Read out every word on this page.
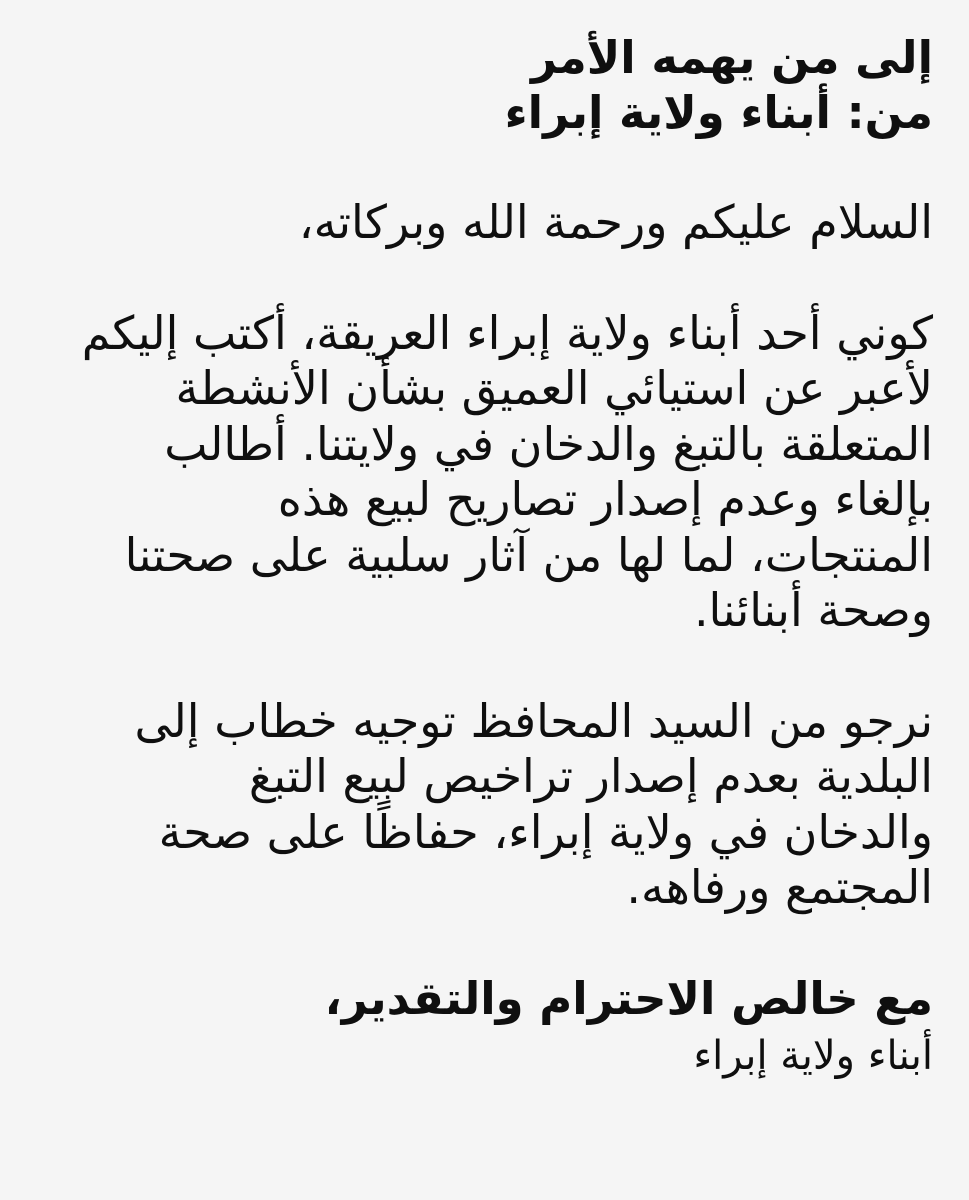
إلى من يهمه الأمر

من: أبناء ولاية إبراء

السلام عليكم ورحمة الله وبركاته،

كوني أحد أبناء ولاية إبراء العريقة، أكتب إليكم

لأعبر عن استيائي العميق بشأن الأنشطة

المتعلقة بالتبغ والدخان في ولايتنا. أطالب

بإلغاء وعدم إصدار تصاريح لبيع هذه

المنتجات، لما لها من آثار سلبية على صحتنا

وصحة أبنائنا.

نرجو من السيد المحافظ توجيه خطاب إلى

البلدية بعدم إصدار تراخيص لبيع التبغ

والدخان في ولاية إبراء، حفاظًا على صحة

المجتمع ورفاهه.

مع خالص الاحترام والتقدير،

أبناء ولاية إبراء
